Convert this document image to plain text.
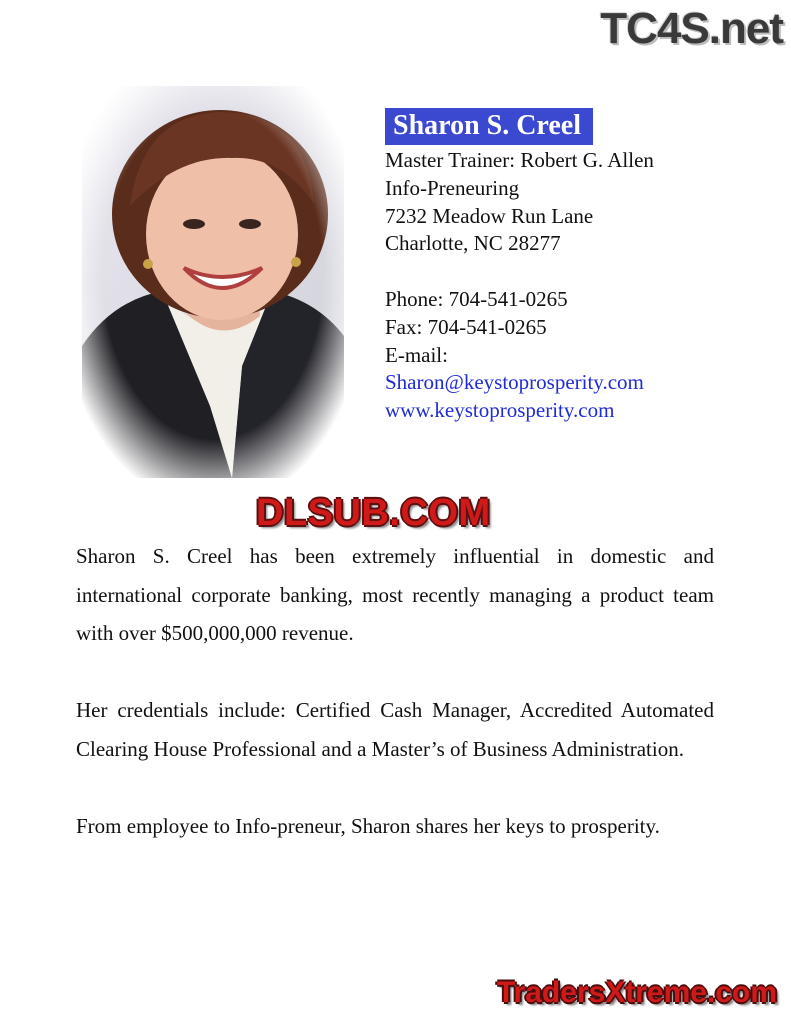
TC4S.net
Sharon S. Creel
Master Trainer: Robert G. Allen
Info-Preneuring
7232 Meadow Run Lane
Charlotte, NC 28277
Phone: 704-541-0265
Fax: 704-541-0265
E-mail:
Sharon@keystoprosperity.com
www.keystoprosperity.com
DLSUB.COM

Sharon S. Creel has been extremely influential in domestic and international corporate banking, most recently managing a product team with over $500,000,000 revenue.

Her credentials include: Certified Cash Manager, Accredited Automated Clearing House Professional and a Master’s of Business Administration.

From employee to Info-preneur, Sharon shares her keys to prosperity.

TradersXtreme.com
